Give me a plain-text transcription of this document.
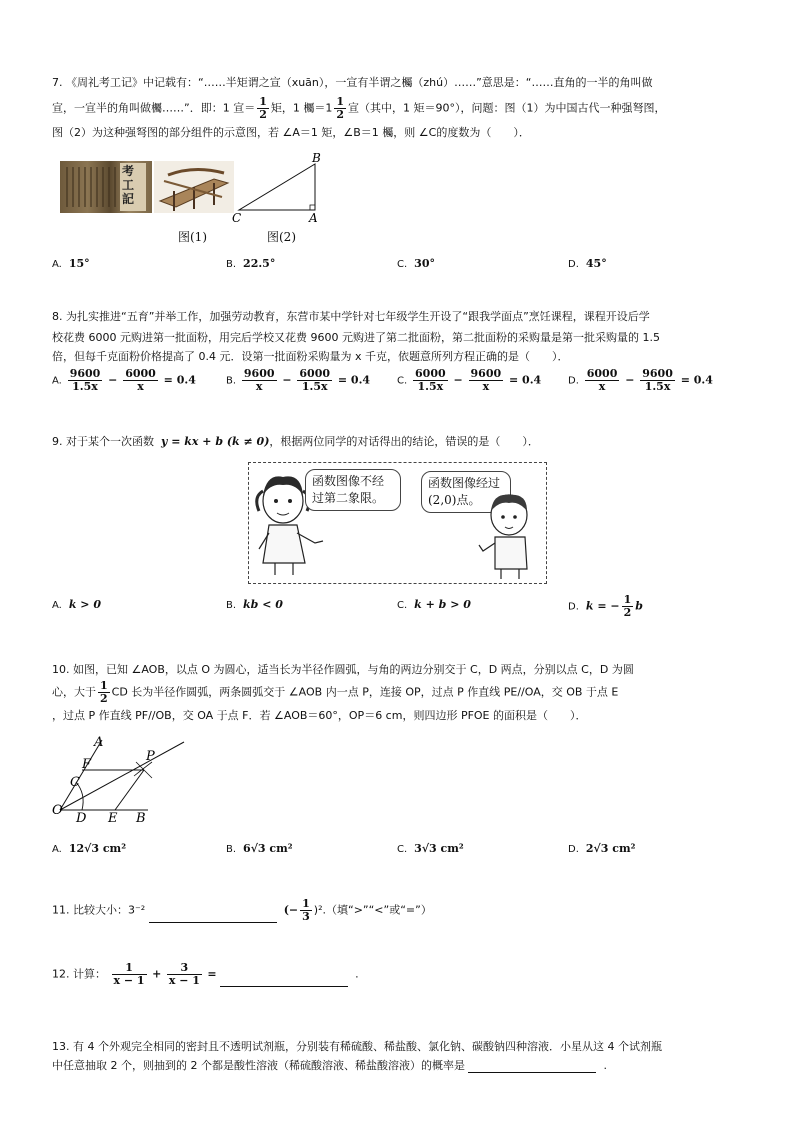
7. 《周礼考工记》中记载有：“……半矩谓之宣（xuān），一宣有半谓之欘（zhú）……”意思是：“……直角的一半的角叫做
宣，一宣半的角叫做欘……”．即：1 宣＝ $\frac{1}{2}$ 矩，1 欘$=1 \frac{1}{2}$ 宣（其中，1 矩＝90°），问题：图（1）为中国古代一种强弩图，
图（2）为这种强弩图的部分组件的示意图，若 ∠A＝1 矩，∠B＝1 欘，则 ∠C的度数为（　　）．
考工記
图(1)
B
C	A
图(2)
A. 15°	B. 22.5°	C. 30°	D. 45°
8. 为扎实推进“五育”并举工作，加强劳动教育，东营市某中学针对七年级学生开设了“跟我学面点”烹饪课程，课程开设后学
校花费 6000 元购进第一批面粉，用完后学校又花费 9600 元购进了第二批面粉，第二批面粉的采购量是第一批采购量的 1.5
倍，但每千克面粉价格提高了 0.4 元．设第一批面粉采购量为 x 千克，依题意所列方程正确的是（　　）．
A. $\frac{9600}{1.5x} - \frac{6000}{x} = 0.4$	B. $\frac{9600}{x} - \frac{6000}{1.5x} = 0.4$	C. $\frac{6000}{1.5x} - \frac{9600}{x} = 0.4$	D. $\frac{6000}{x} - \frac{9600}{1.5x} = 0.4$
9. 对于某个一次函数 y = kx + b (k ≠ 0)，根据两位同学的对话得出的结论，错误的是（　　）．
函数图像不经过第二象限。
函数图像经过(2,0)点。
A. k > 0	B. kb < 0	C. k + b > 0	D. k = − $\frac{1}{2}$ b
10. 如图，已知 ∠AOB，以点 O 为圆心，适当长为半径作圆弧，与角的两边分别交于 C，D 两点，分别以点 C，D 为圆
心，大于 $\frac{1}{2}$ CD 长为半径作圆弧，两条圆弧交于 ∠AOB 内一点 P，连接 OP，过点 P 作直线 PE//OA，交 OB 于点 E
，过点 P 作直线 PF//OB，交 OA 于点 F．若 ∠AOB＝60°，OP＝6 cm，则四边形 PFOE 的面积是（　　）．
A
P
F
C
O
D E B
A. 12√3 cm²	B. 6√3 cm²	C. 3√3 cm²	D. 2√3 cm²
11. 比较大小：3⁻²	(− $\frac{1}{3} )^2$.（填“>”“<”或“=”）
12. 计算： $\frac{1}{x - 1} + \frac{3}{x - 1}$ =	.
13. 有 4 个外观完全相同的密封且不透明试剂瓶，分别装有稀硫酸、稀盐酸、氯化钠、碳酸钠四种溶液．小星从这 4 个试剂瓶
中任意抽取 2 个，则抽到的 2 个都是酸性溶液（稀硫酸溶液、稀盐酸溶液）的概率是	.
